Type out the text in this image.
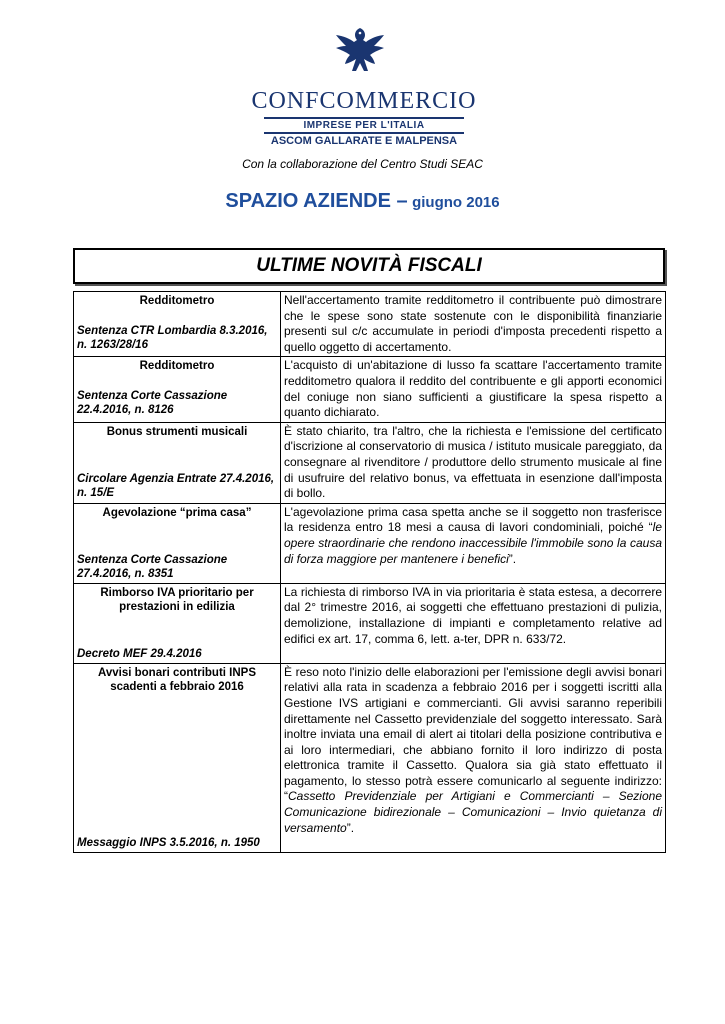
CONFCOMMERCIO
IMPRESE PER L'ITALIA
ASCOM GALLARATE E MALPENSA
Con la collaborazione del Centro Studi SEAC
SPAZIO AZIENDE – giugno 2016
ULTIME NOVITÀ FISCALI
Redditometro
Sentenza CTR Lombardia 8.3.2016, n. 1263/28/16	Nell'accertamento tramite redditometro il contribuente può dimostrare che le spese sono state sostenute con le disponibilità finanziarie presenti sul c/c accumulate in periodi d'imposta precedenti rispetto a quello oggetto di accertamento.

Redditometro
Sentenza Corte Cassazione 22.4.2016, n. 8126	L'acquisto di un'abitazione di lusso fa scattare l'accertamento tramite redditometro qualora il reddito del contribuente e gli apporti economici del coniuge non siano sufficienti a giustificare la spesa rispetto a quanto dichiarato.

Bonus strumenti musicali
Circolare Agenzia Entrate 27.4.2016, n. 15/E	È stato chiarito, tra l'altro, che la richiesta e l'emissione del certificato d'iscrizione al conservatorio di musica / istituto musicale pareggiato, da consegnare al rivenditore / produttore dello strumento musicale al fine di usufruire del relativo bonus, va effettuata in esenzione dall'imposta di bollo.

Agevolazione “prima casa”
Sentenza Corte Cassazione 27.4.2016, n. 8351	L'agevolazione prima casa spetta anche se il soggetto non trasferisce la residenza entro 18 mesi a causa di lavori condominiali, poiché “le opere straordinarie che rendono inaccessibile l'immobile sono la causa di forza maggiore per mantenere i benefici”.

Rimborso IVA prioritario per prestazioni in edilizia
Decreto MEF 29.4.2016	La richiesta di rimborso IVA in via prioritaria è stata estesa, a decorrere dal 2° trimestre 2016, ai soggetti che effettuano prestazioni di pulizia, demolizione, installazione di impianti e completamento relative ad edifici ex art. 17, comma 6, lett. a-ter, DPR n. 633/72.

Avvisi bonari contributi INPS scadenti a febbraio 2016
Messaggio INPS 3.5.2016, n. 1950	È reso noto l'inizio delle elaborazioni per l'emissione degli avvisi bonari relativi alla rata in scadenza a febbraio 2016 per i soggetti iscritti alla Gestione IVS artigiani e commercianti. Gli avvisi saranno reperibili direttamente nel Cassetto previdenziale del soggetto interessato. Sarà inoltre inviata una email di alert ai titolari della posizione contributiva e ai loro intermediari, che abbiano fornito il loro indirizzo di posta elettronica tramite il Cassetto. Qualora sia già stato effettuato il pagamento, lo stesso potrà essere comunicarlo al seguente indirizzo: “Cassetto Previdenziale per Artigiani e Commercianti – Sezione Comunicazione bidirezionale – Comunicazioni – Invio quietanza di versamento”.
